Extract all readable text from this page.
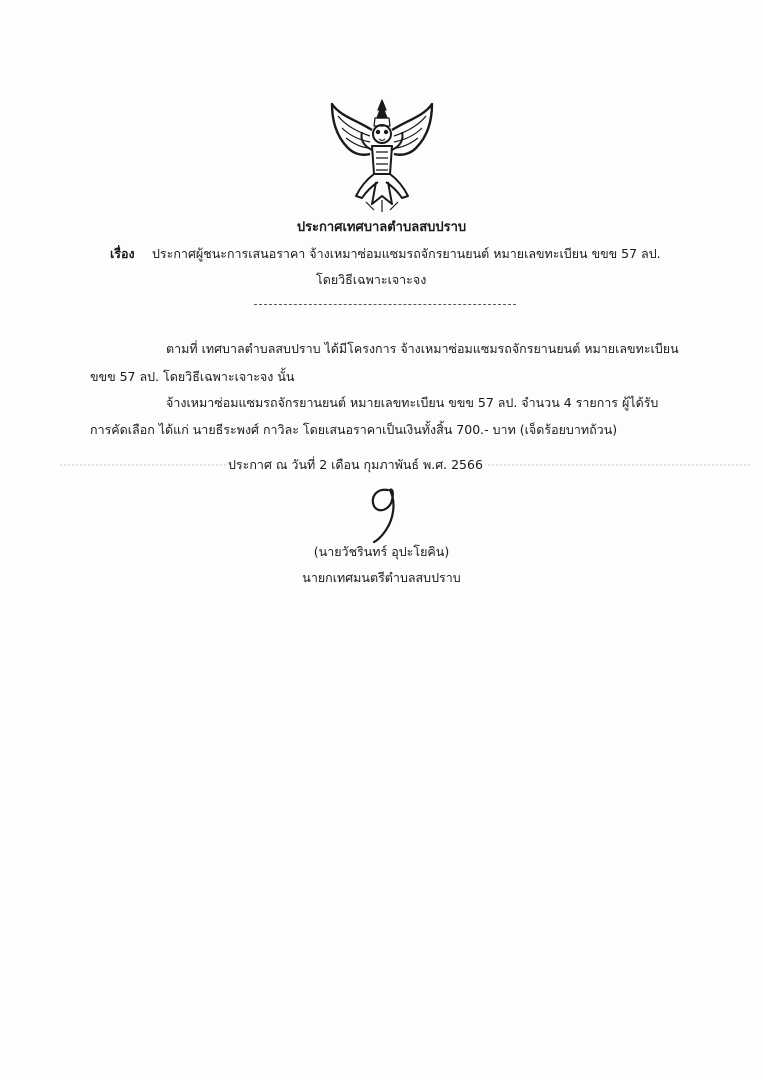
ประกาศเทศบาลตำบลสบปราบ
เรื่อง ประกาศผู้ชนะการเสนอราคา จ้างเหมาซ่อมแซมรถจักรยานยนต์ หมายเลขทะเบียน ขขข 57 ลป.
โดยวิธีเฉพาะเจาะจง
ตามที่ เทศบาลตำบลสบปราบ ได้มีโครงการ จ้างเหมาซ่อมแซมรถจักรยานยนต์ หมายเลขทะเบียน
ขขข 57 ลป. โดยวิธีเฉพาะเจาะจง นั้น
จ้างเหมาซ่อมแซมรถจักรยานยนต์ หมายเลขทะเบียน ขขข 57 ลป. จำนวน 4 รายการ ผู้ได้รับ
การคัดเลือก ได้แก่ นายธีระพงศ์ กาวิละ โดยเสนอราคาเป็นเงินทั้งสิ้น 700.- บาท (เจ็ดร้อยบาทถ้วน)
ประกาศ ณ วันที่ 2 เดือน กุมภาพันธ์ พ.ศ. 2566
(นายวัชรินทร์ อุปะโยคิน)
นายกเทศมนตรีตำบลสบปราบ
